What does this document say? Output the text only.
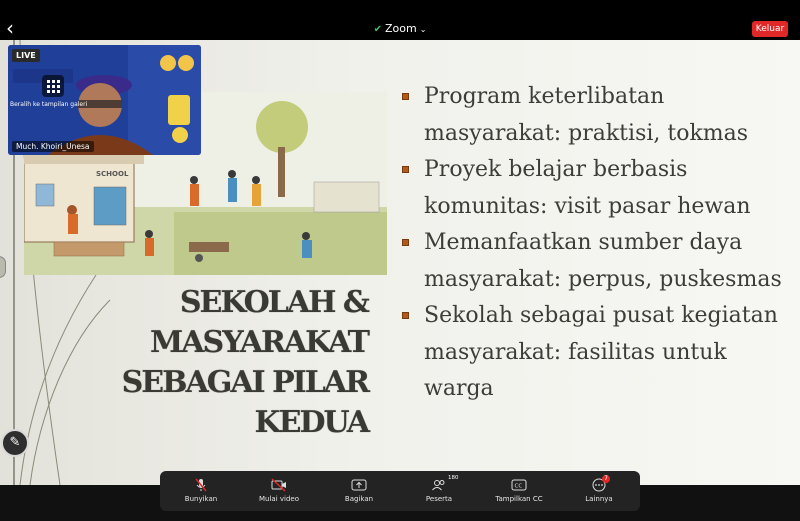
‹	✔ Zoom ⌄	Keluar
SCHOOL
SEKOLAH &
MASYARAKAT
SEBAGAI PILAR
KEDUA
Program keterlibatan masyarakat: praktisi, tokmas
Proyek belajar berbasis komunitas: visit pasar hewan
Memanfaatkan sumber daya masyarakat: perpus, puskesmas
Sekolah sebagai pusat kegiatan masyarakat: fasilitas untuk warga
LIVE
Beralih ke tampilan galeri
Much. Khoiri_Unesa
✎
Bunyikan	Mulai video	Bagikan
180
Peserta
CC
Tampilkan CC
7
Lainnya
